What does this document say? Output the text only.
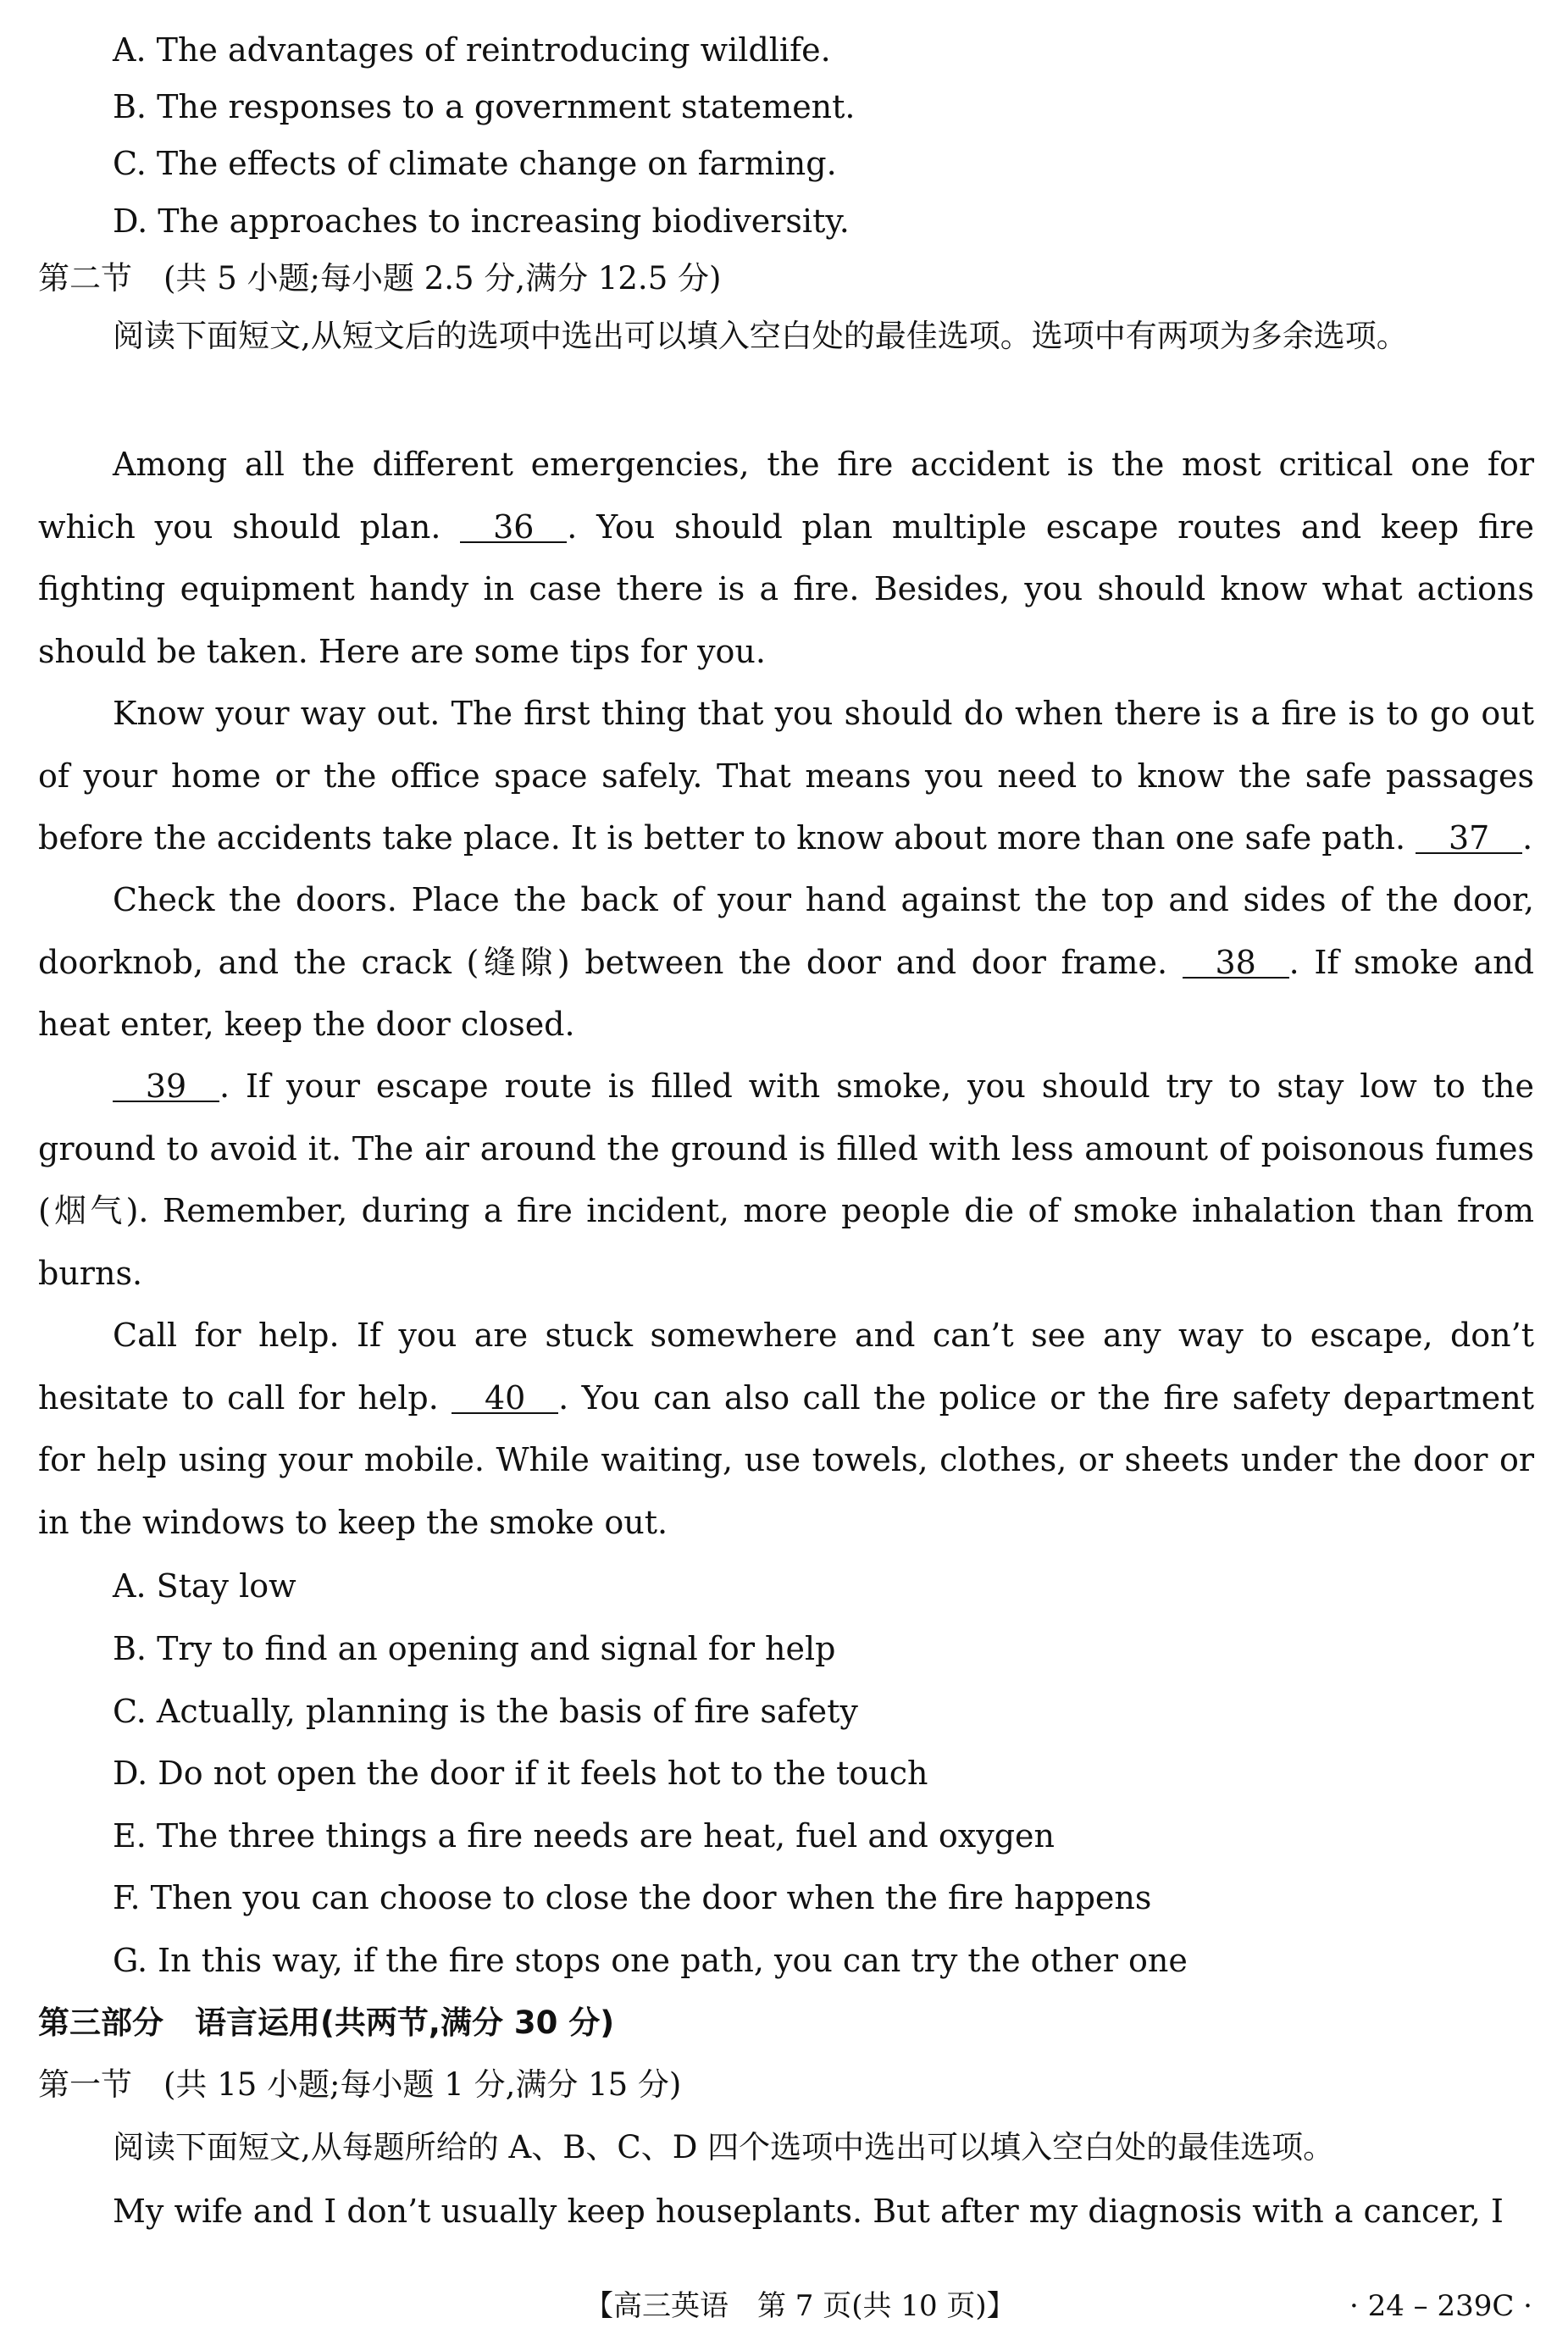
A. The advantages of reintroducing wildlife.
B. The responses to a government statement.
C. The effects of climate change on farming.
D. The approaches to increasing biodiversity.
第二节　(共 5 小题;每小题 2.5 分,满分 12.5 分)

阅读下面短文,从短文后的选项中选出可以填入空白处的最佳选项。选项中有两项为多余选项。

Among all the different emergencies, the fire accident is the most critical one for which you should plan. 36 . You should plan multiple escape routes and keep fire fighting equipment handy in case there is a fire. Besides, you should know what actions should be taken. Here are some tips for you.

Know your way out. The first thing that you should do when there is a fire is to go out of your home or the office space safely. That means you need to know the safe passages before the accidents take place. It is better to know about more than one safe path. 37 .

Check the doors. Place the back of your hand against the top and sides of the door, doorknob, and the crack (缝隙) between the door and door frame. 38 . If smoke and heat enter, keep the door closed.

39 . If your escape route is filled with smoke, you should try to stay low to the ground to avoid it. The air around the ground is filled with less amount of poisonous fumes (烟气). Remember, during a fire incident, more people die of smoke inhalation than from burns.

Call for help. If you are stuck somewhere and can’t see any way to escape, don’t hesitate to call for help. 40 . You can also call the police or the fire safety department for help using your mobile. While waiting, use towels, clothes, or sheets under the door or in the windows to keep the smoke out.

A. Stay low
B. Try to find an opening and signal for help
C. Actually, planning is the basis of fire safety
D. Do not open the door if it feels hot to the touch
E. The three things a fire needs are heat, fuel and oxygen
F. Then you can choose to close the door when the fire happens
G. In this way, if the fire stops one path, you can try the other one
第三部分　语言运用(共两节,满分 30 分)
第一节　(共 15 小题;每小题 1 分,满分 15 分)
阅读下面短文,从每题所给的 A、B、C、D 四个选项中选出可以填入空白处的最佳选项。

My wife and I don’t usually keep houseplants. But after my diagnosis with a cancer, I

【高三英语　第 7 页(共 10 页)】	· 24 – 239C ·
